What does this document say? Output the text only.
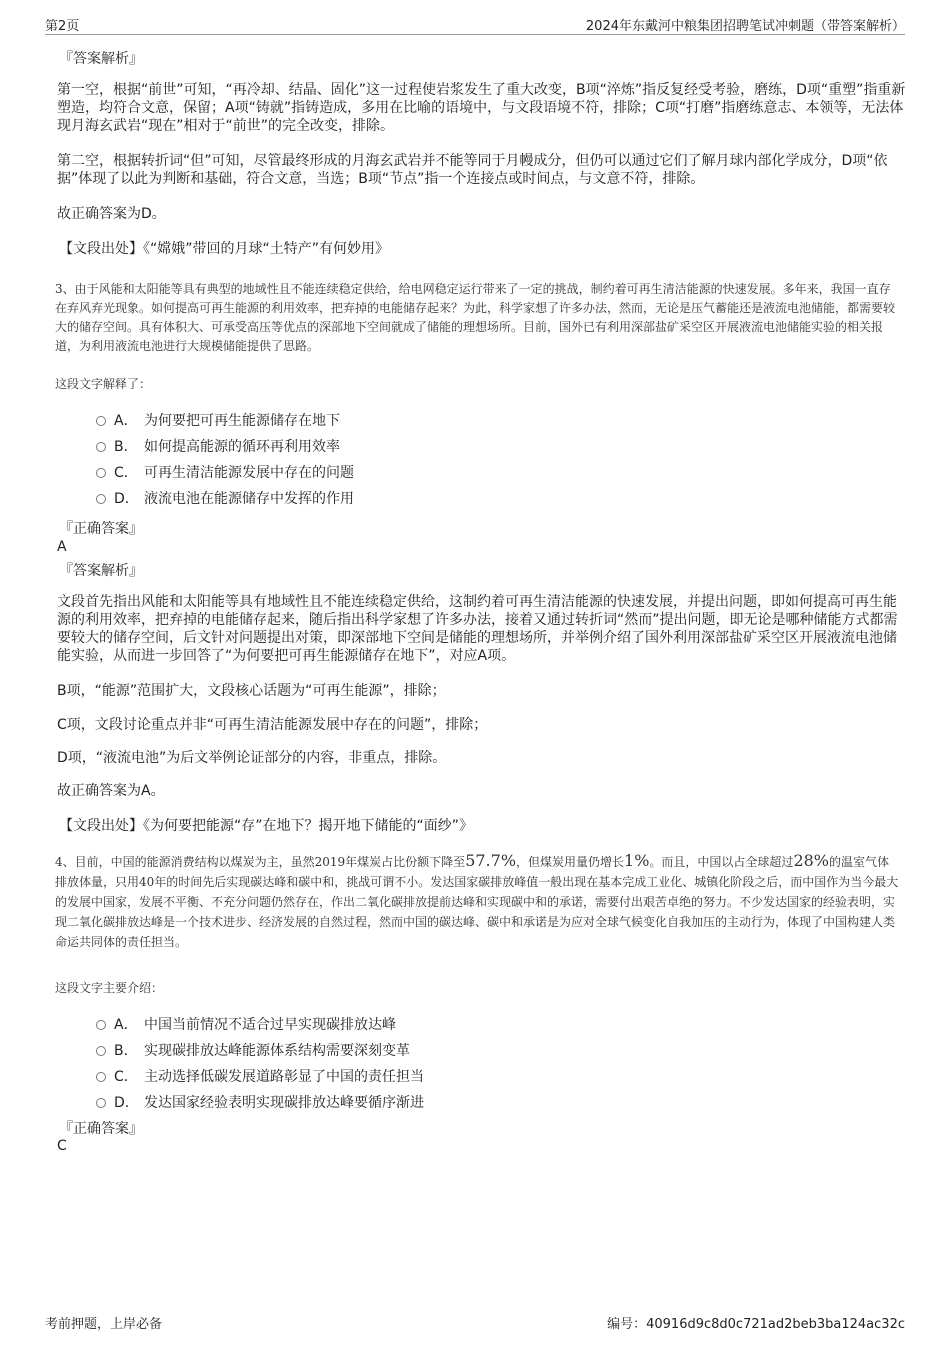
第2页	2024年东戴河中粮集团招聘笔试冲刺题（带答案解析）
『答案解析』
第一空，根据“前世”可知，“再冷却、结晶、固化”这一过程使岩浆发生了重大改变，B项“淬炼”指反复经受考验，磨练，D项“重塑”指重新塑造，均符合文意，保留；A项“铸就”指铸造成，多用在比喻的语境中，与文段语境不符，排除；C项“打磨”指磨练意志、本领等，无法体现月海玄武岩“现在”相对于“前世”的完全改变，排除。
第二空，根据转折词“但”可知，尽管最终形成的月海玄武岩并不能等同于月幔成分，但仍可以通过它们了解月球内部化学成分，D项“依据”体现了以此为判断和基础，符合文意，当选；B项“节点”指一个连接点或时间点，与文意不符，排除。
故正确答案为D。
【文段出处】《“嫦娥”带回的月球“土特产”有何妙用》
3、由于风能和太阳能等具有典型的地域性且不能连续稳定供给，给电网稳定运行带来了一定的挑战，制约着可再生清洁能源的快速发展。多年来，我国一直存在弃风弃光现象。如何提高可再生能源的利用效率，把弃掉的电能储存起来？为此，科学家想了许多办法，然而，无论是压气蓄能还是液流电池储能，都需要较大的储存空间。具有体积大、可承受高压等优点的深部地下空间就成了储能的理想场所。目前，国外已有利用深部盐矿采空区开展液流电池储能实验的相关报道，为利用液流电池进行大规模储能提供了思路。
这段文字解释了：
A． 为何要把可再生能源储存在地下
B． 如何提高能源的循环再利用效率
C． 可再生清洁能源发展中存在的问题
D． 液流电池在能源储存中发挥的作用
『正确答案』
A
『答案解析』
文段首先指出风能和太阳能等具有地域性且不能连续稳定供给，这制约着可再生清洁能源的快速发展，并提出问题，即如何提高可再生能源的利用效率，把弃掉的电能储存起来，随后指出科学家想了许多办法，接着又通过转折词“然而”提出问题，即无论是哪种储能方式都需要较大的储存空间，后文针对问题提出对策，即深部地下空间是储能的理想场所，并举例介绍了国外利用深部盐矿采空区开展液流电池储能实验，从而进一步回答了“为何要把可再生能源储存在地下”，对应A项。
B项，“能源”范围扩大，文段核心话题为“可再生能源”，排除；
C项，文段讨论重点并非“可再生清洁能源发展中存在的问题”，排除；
D项，“液流电池”为后文举例论证部分的内容，非重点，排除。
故正确答案为A。
【文段出处】《为何要把能源“存”在地下？揭开地下储能的“面纱”》
4、目前，中国的能源消费结构以煤炭为主，虽然2019年煤炭占比份额下降至57.7%，但煤炭用量仍增长1%。而且，中国以占全球超过28%的温室气体排放体量，只用40年的时间先后实现碳达峰和碳中和，挑战可谓不小。发达国家碳排放峰值一般出现在基本完成工业化、城镇化阶段之后，而中国作为当今最大的发展中国家，发展不平衡、不充分问题仍然存在，作出二氧化碳排放提前达峰和实现碳中和的承诺，需要付出艰苦卓绝的努力。不少发达国家的经验表明，实现二氧化碳排放达峰是一个技术进步、经济发展的自然过程，然而中国的碳达峰、碳中和承诺是为应对全球气候变化自我加压的主动行为，体现了中国构建人类命运共同体的责任担当。
这段文字主要介绍：
A． 中国当前情况不适合过早实现碳排放达峰
B． 实现碳排放达峰能源体系结构需要深刻变革
C． 主动选择低碳发展道路彰显了中国的责任担当
D． 发达国家经验表明实现碳排放达峰要循序渐进
『正确答案』
C
考前押题，上岸必备	编号：40916d9c8d0c721ad2beb3ba124ac32c
